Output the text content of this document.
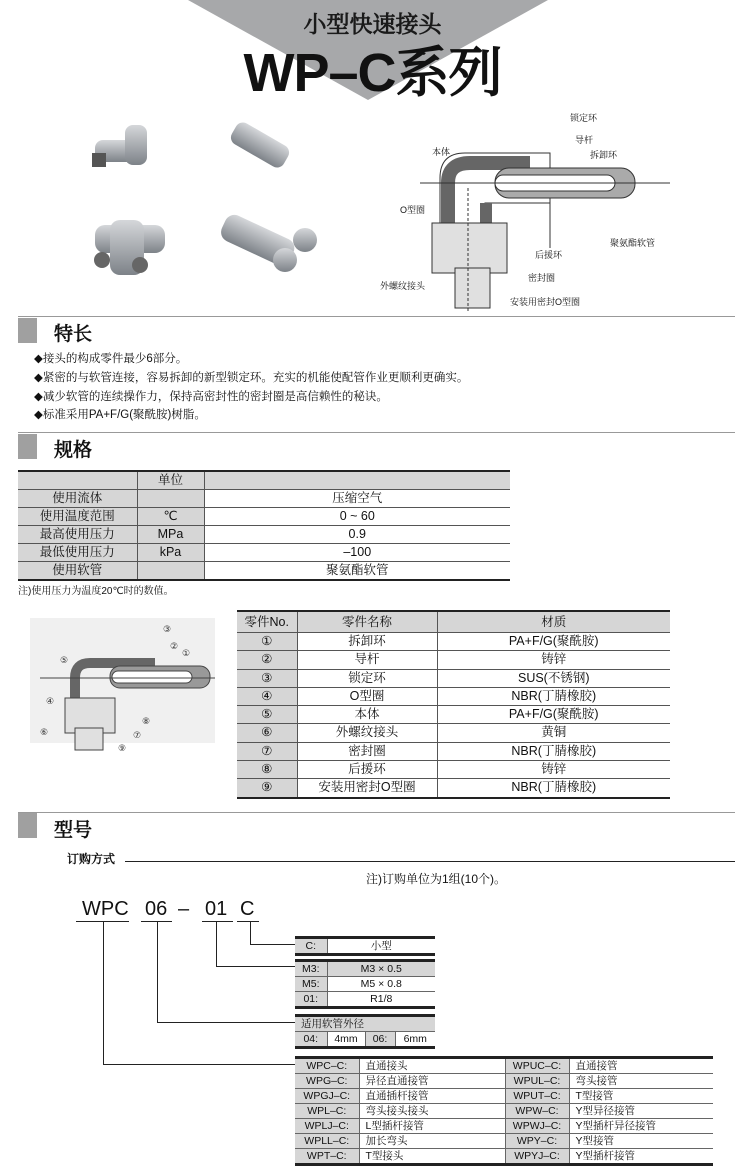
小型快速接头
WP–C系列
锁定环
导杆
拆卸环
本体
O型圈
聚氨酯软管
后援环
密封圈
外螺纹接头
安装用密封O型圈
特长
◆接头的构成零件最少6部分。
◆紧密的与软管连接，容易拆卸的新型锁定环。充实的机能使配管作业更顺利更确实。
◆减少软管的连续操作力，保持高密封性的密封圈是高信赖性的秘诀。
◆标准采用PA+F/G(聚酰胺)树脂。
规格
	单位	
使用流体		压缩空气
使用温度范围	℃	0 ~ 60
最高使用压力	MPa	0.9
最低使用压力	kPa	–100
使用软管		聚氨酯软管
注)使用压力为温度20℃时的数值。
①
②
③
④
⑤
⑥	⑦
⑧
⑨
零件No.	零件名称	材质
①	拆卸环	PA+F/G(聚酰胺)
②	导杆	铸锌
③	锁定环	SUS(不锈钢)
④	O型圈	NBR(丁腈橡胶)
⑤	本体	PA+F/G(聚酰胺)
⑥	外螺纹接头	黄铜
⑦	密封圈	NBR(丁腈橡胶)
⑧	后援环	铸锌
⑨	安装用密封O型圈	NBR(丁腈橡胶)
型号
订购方式
注)订购单位为1组(10个)。
WPC 06 – 01 C
C:	小型
M3:	M3 × 0.5
M5:	M5 × 0.8
01:	R1/8
适用软管外径
04:	4mm	06:	6mm
WPC–C:	直通接头	WPUC–C:	直通接管
WPG–C:	异径直通接管	WPUL–C:	弯头接管
WPGJ–C:	直通插杆接管	WPUT–C:	T型接管
WPL–C:	弯头接头接头	WPW–C:	Y型异径接管
WPLJ–C:	L型插杆接管	WPWJ–C:	Y型插杆异径接管
WPLL–C:	加长弯头	WPY–C:	Y型接管
WPT–C:	T型接头	WPYJ–C:	Y型插杆接管
